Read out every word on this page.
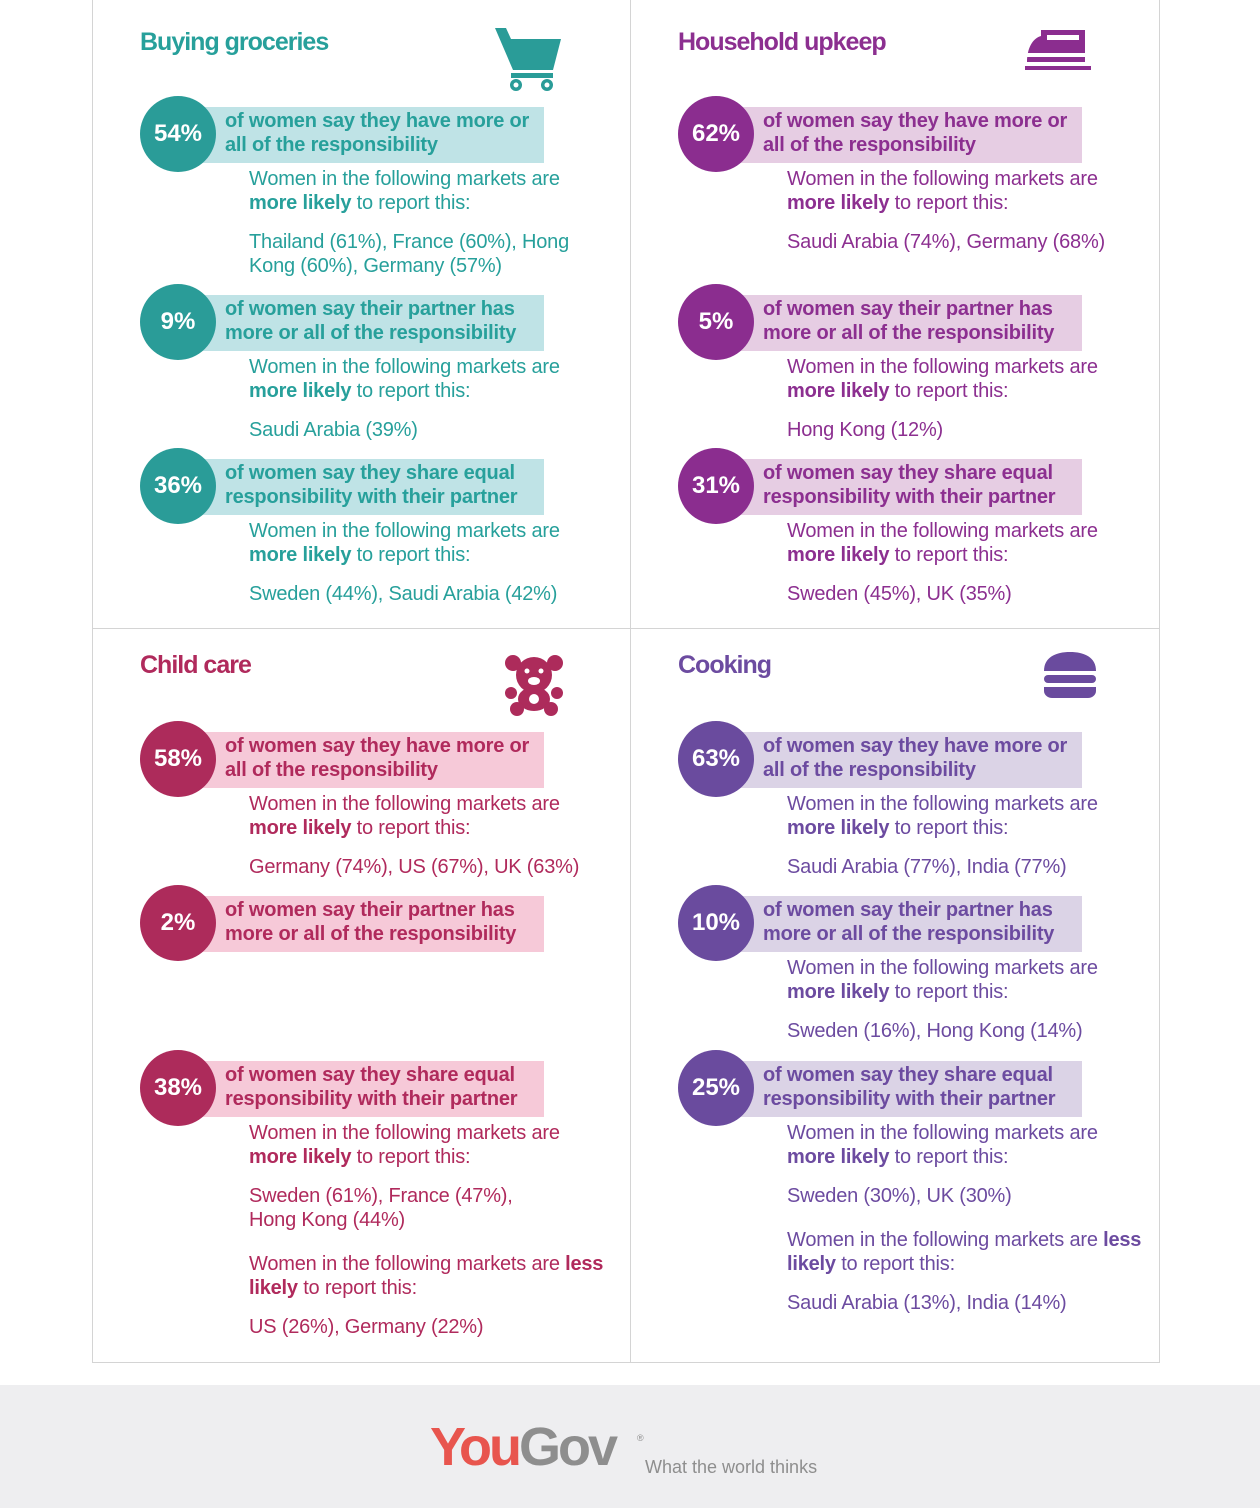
Buying groceries
54%	of women say they have more or all of the responsibility
Women in the following markets are more likely to report this:
Thailand (61%), France (60%), Hong Kong (60%), Germany (57%)
9%	of women say their partner has more or all of the responsibility
Women in the following markets are more likely to report this:
Saudi Arabia (39%)
36%	of women say they share equal responsibility with their partner
Women in the following markets are more likely to report this:
Sweden (44%), Saudi Arabia (42%)
Household upkeep
62%	of women say they have more or all of the responsibility
Women in the following markets are more likely to report this:
Saudi Arabia (74%), Germany (68%)
5%	of women say their partner has more or all of the responsibility
Women in the following markets are more likely to report this:
Hong Kong (12%)
31%	of women say they share equal responsibility with their partner
Women in the following markets are more likely to report this:
Sweden (45%), UK (35%)
Child care
58%	of women say they have more or all of the responsibility
Women in the following markets are more likely to report this:
Germany (74%), US (67%), UK (63%)
2%	of women say their partner has more or all of the responsibility
38%	of women say they share equal responsibility with their partner
Women in the following markets are more likely to report this:
Sweden (61%), France (47%), Hong Kong (44%)
Women in the following markets are less likely to report this:
US (26%), Germany (22%)
Cooking
63%	of women say they have more or all of the responsibility
Women in the following markets are more likely to report this:
Saudi Arabia (77%), India (77%)
10%	of women say their partner has more or all of the responsibility
Women in the following markets are more likely to report this:
Sweden (16%), Hong Kong (14%)
25%	of women say they share equal responsibility with their partner
Women in the following markets are more likely to report this:
Sweden (30%), UK (30%)
Women in the following markets are less likely to report this:
Saudi Arabia (13%), India (14%)
YouGov ®
What the world thinks
